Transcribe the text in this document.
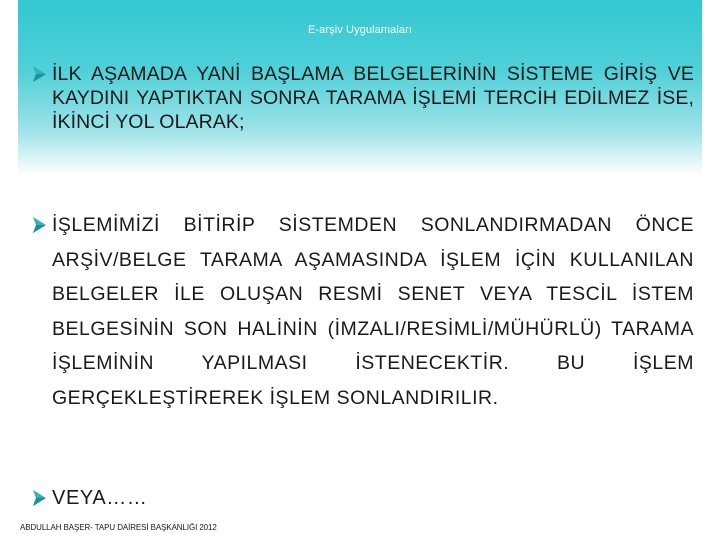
E-arşiv Uygulamaları

İLK AŞAMADA YANİ BAŞLAMA BELGELERİNİN SİSTEME GİRİŞ VE KAYDINI YAPTIKTAN SONRA TARAMA İŞLEMİ TERCİH EDİLMEZ İSE, İKİNCİ YOL OLARAK;

İŞLEMİMİZİ BİTİRİP SİSTEMDEN SONLANDIRMADAN ÖNCE ARŞİV/BELGE TARAMA AŞAMASINDA İŞLEM İÇİN KULLANILAN BELGELER İLE OLUŞAN RESMİ SENET VEYA TESCİL İSTEM BELGESİNİN SON HALİNİN (İMZALI/RESİMLİ/MÜHÜRLÜ) TARAMA İŞLEMİNİN YAPILMASI İSTENECEKTİR. BU İŞLEM GERÇEKLEŞTİREREK İŞLEM SONLANDIRILIR.

VEYA……

ABDULLAH BAŞER- TAPU DAİRESİ BAŞKANLIĞI 2012
